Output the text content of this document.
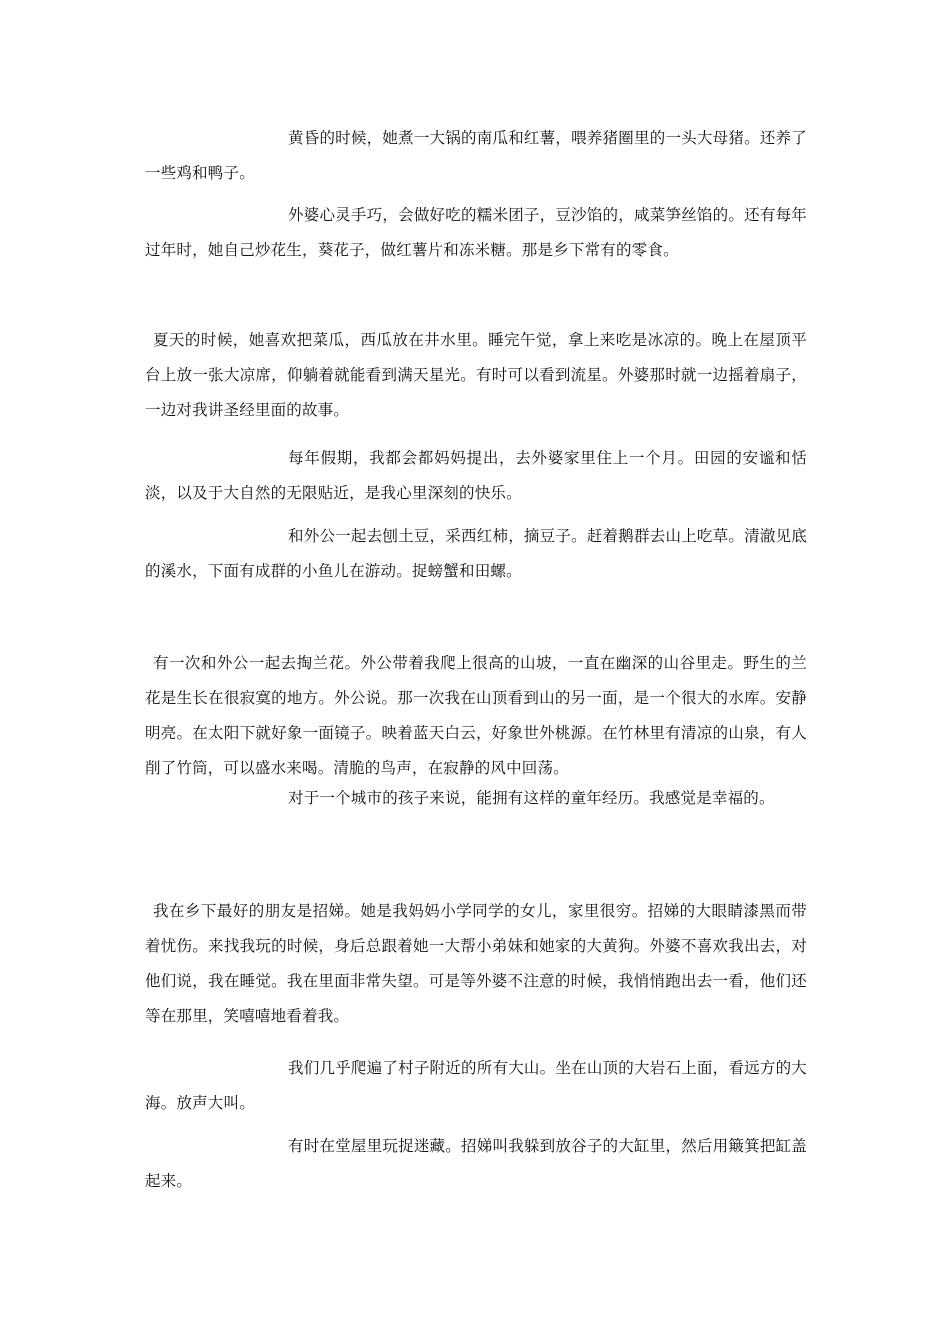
黄昏的时候，她煮一大锅的南瓜和红薯，喂养猪圈里的一头大母猪。还养了一些鸡和鸭子。

外婆心灵手巧，会做好吃的糯米团子，豆沙馅的，咸菜笋丝馅的。还有每年过年时，她自己炒花生，葵花子，做红薯片和冻米糖。那是乡下常有的零食。

夏天的时候，她喜欢把菜瓜，西瓜放在井水里。睡完午觉，拿上来吃是冰凉的。晚上在屋顶平台上放一张大凉席，仰躺着就能看到满天星光。有时可以看到流星。外婆那时就一边摇着扇子，一边对我讲圣经里面的故事。

每年假期，我都会都妈妈提出，去外婆家里住上一个月。田园的安谧和恬淡，以及于大自然的无限贴近，是我心里深刻的快乐。

和外公一起去刨土豆，采西红柿，摘豆子。赶着鹅群去山上吃草。清澈见底的溪水，下面有成群的小鱼儿在游动。捉螃蟹和田螺。

有一次和外公一起去掏兰花。外公带着我爬上很高的山坡，一直在幽深的山谷里走。野生的兰花是生长在很寂寞的地方。外公说。那一次我在山顶看到山的另一面，是一个很大的水库。安静明亮。在太阳下就好象一面镜子。映着蓝天白云，好象世外桃源。在竹林里有清凉的山泉，有人削了竹筒，可以盛水来喝。清脆的鸟声，在寂静的风中回荡。

对于一个城市的孩子来说，能拥有这样的童年经历。我感觉是幸福的。

我在乡下最好的朋友是招娣。她是我妈妈小学同学的女儿，家里很穷。招娣的大眼睛漆黑而带着忧伤。来找我玩的时候，身后总跟着她一大帮小弟妹和她家的大黄狗。外婆不喜欢我出去，对他们说，我在睡觉。我在里面非常失望。可是等外婆不注意的时候，我悄悄跑出去一看，他们还等在那里，笑嘻嘻地看着我。

我们几乎爬遍了村子附近的所有大山。坐在山顶的大岩石上面，看远方的大海。放声大叫。

有时在堂屋里玩捉迷藏。招娣叫我躲到放谷子的大缸里，然后用簸箕把缸盖起来。
